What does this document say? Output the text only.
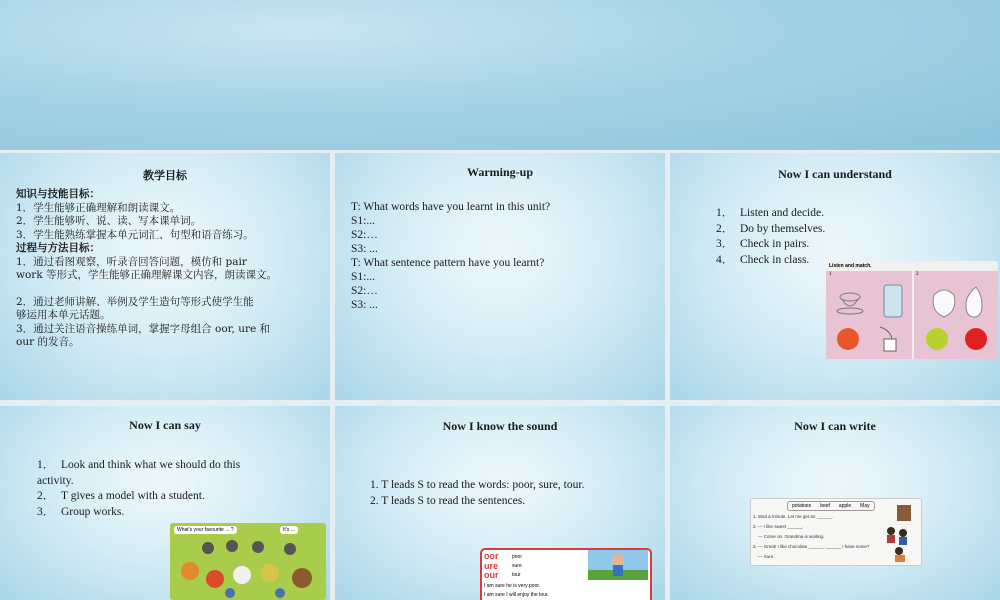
教学目标
知识与技能目标：
1．学生能够正确理解和朗读课文。
2．学生能够听、说、读、写本课单词。
3．学生能熟练掌握本单元词汇、句型和语音练习。
过程与方法目标：
1．通过看图观察，听录音回答问题，模仿和 pair
work 等形式，学生能够正确理解课文内容，朗读课文。
2．通过老师讲解、举例及学生造句等形式使学生能
够运用本单元话题。
3．通过关注语音操练单词，掌握字母组合 oor, ure 和
our 的发音。
Warming-up
T: What words have you learnt in this unit?
S1:...
S2:…
S3: ...
T: What sentence pattern have you learnt?
S1:...
S2:…
S3: ...
Now I can understand
1． Listen and decide.
2． Do by themselves.
3． Check in pairs.
4． Check in class.
Listen and match.
1	2
Now I can say
1． Look and think what we should do this
activity.
2． T gives a model with a student.
3． Group works.
What's your favourite ... ?	It's ...
Now I know the sound
1. T leads S to read the words: poor, sure, tour.
2. T leads S to read the sentences.
oor
ure
our
poor
sure
tour
I am sure he is very poor.
I am sure I will enjoy the tour.
Now I can write
potatoes beef apple May
1. Wait a minute. Let me get an ______.
2. — I like sweet ______.
— Come on. Grandma is waiting.
3. — Great! I like chocolate ______. ______ I have some?
— Sure.
